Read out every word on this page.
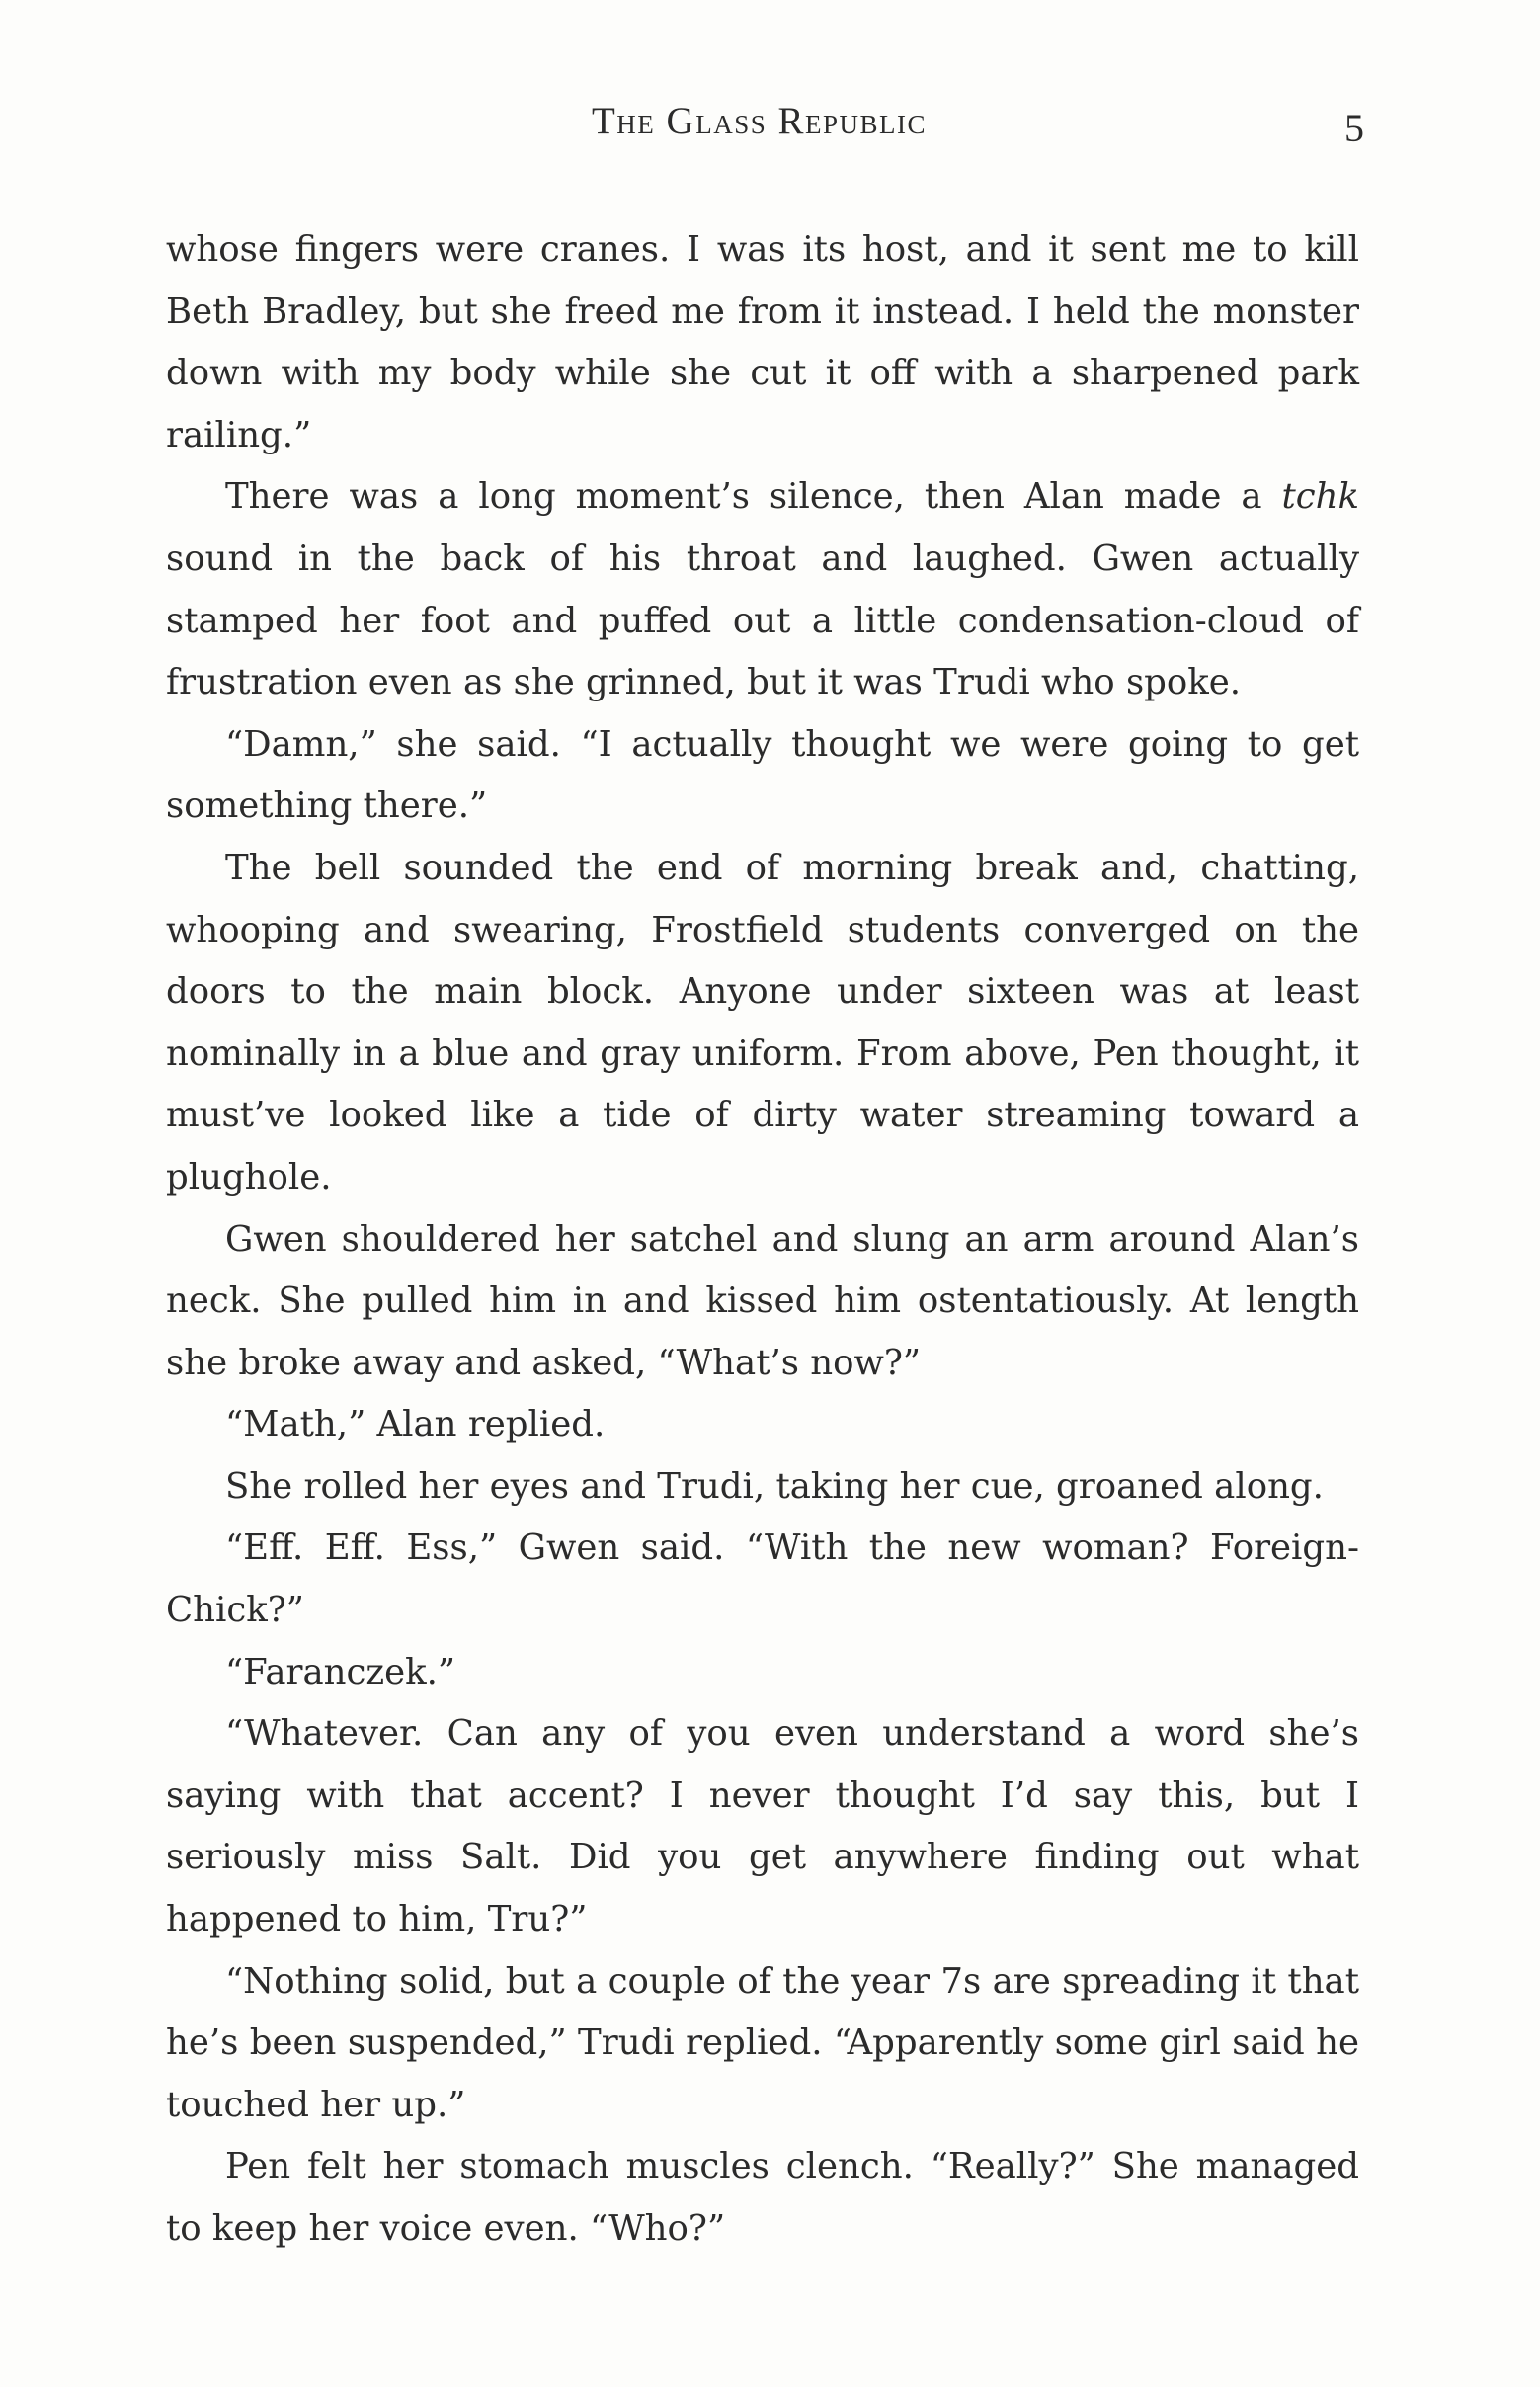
The Glass Republic	5

whose fingers were cranes. I was its host, and it sent me to kill Beth Bradley, but she freed me from it instead. I held the monster down with my body while she cut it off with a sharpened park railing.”

There was a long moment’s silence, then Alan made a tchk sound in the back of his throat and laughed. Gwen actually stamped her foot and puffed out a little condensation-cloud of frustration even as she grinned, but it was Trudi who spoke.

“Damn,” she said. “I actually thought we were going to get something there.”

The bell sounded the end of morning break and, chatting, whooping and swearing, Frostfield students converged on the doors to the main block. Anyone under sixteen was at least nominally in a blue and gray uniform. From above, Pen thought, it must’ve looked like a tide of dirty water streaming toward a plughole.

Gwen shouldered her satchel and slung an arm around Alan’s neck. She pulled him in and kissed him ostentatiously. At length she broke away and asked, “What’s now?”

“Math,” Alan replied.

She rolled her eyes and Trudi, taking her cue, groaned along.

“Eff. Eff. Ess,” Gwen said. “With the new woman? Foreign-Chick?”

“Faranczek.”

“Whatever. Can any of you even understand a word she’s saying with that accent? I never thought I’d say this, but I seriously miss Salt. Did you get anywhere finding out what happened to him, Tru?”

“Nothing solid, but a couple of the year 7s are spreading it that he’s been suspended,” Trudi replied. “Apparently some girl said he touched her up.”

Pen felt her stomach muscles clench. “Really?” She managed to keep her voice even. “Who?”
